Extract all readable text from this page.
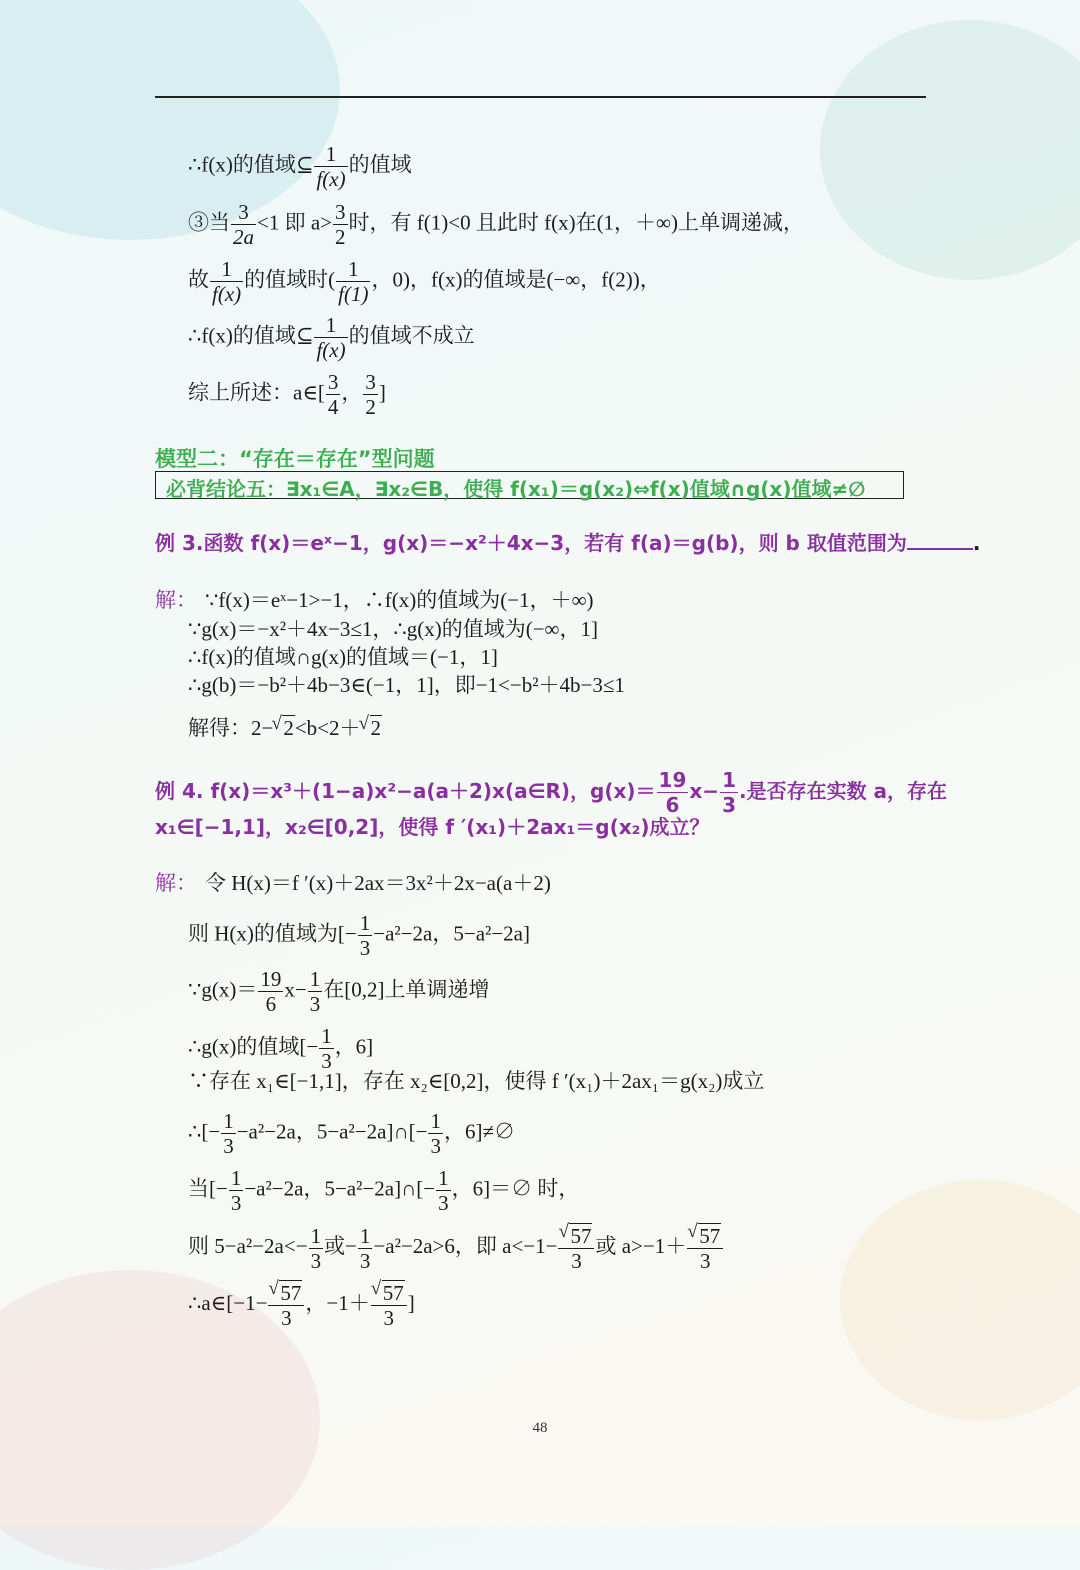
∴f(x)的值域⊆ $\frac{1}{f(x)}$ 的值域
③当 $\frac{3}{2a} <1$ 即 $a> \frac{3}{2}$ 时，有 f(1)<0 且此时 f(x)在(1，＋∞)上单调递减，
故 $\frac{1}{f(x)}$ 的值域时( $\frac{1}{f(1)}$ ，0)，f(x)的值域是(−∞，f(2))，
∴f(x)的值域⊆ $\frac{1}{f(x)}$ 的值域不成立
综上所述：a∈[ $\frac{3}{4}$ ， $\frac{3}{2}$ ]
模型二：“存在＝存在”型问题
必背结论五：∃x₁∈A，∃x₂∈B，使得 f(x₁)＝g(x₂)⇔f(x)值域∩g(x)值域≠∅
例 3.函数 f(x)＝eˣ−1，g(x)＝−x²＋4x−3，若有 f(a)＝g(b)，则 b 取值范围为	.
解： ∵f(x)＝eˣ−1>−1，∴f(x)的值域为(−1，＋∞)
∵g(x)＝−x²＋4x−3≤1，∴g(x)的值域为(−∞，1]
∴f(x)的值域∩g(x)的值域＝(−1，1]
∴g(b)＝−b²＋4b−3∈(−1，1]，即−1<−b²＋4b−3≤1
解得：2− √ 2<b<2＋ √ 2
例 4. f(x)＝x³＋(1−a)x²−a(a＋2)x(a∈R)，$g(x)= \frac{19}{6} x- \frac{1}{3}$ .是否存在实数 a，存在
x₁∈[−1,1]，x₂∈[0,2]，使得 f ′(x₁)＋2ax₁＝g(x₂)成立？
解： 令 H(x)＝f ′(x)＋2ax＝3x²＋2x−a(a＋2)
则 H(x)的值域为[− $\frac{1}{3} -a^2-2a$，5−a²−2a]
∵g(x)＝ $\frac{19}{6} x- \frac{1}{3}$ 在[0,2]上单调递增
∴g(x)的值域[− $\frac{1}{3}$ ，6]
∵存在 x₁∈[−1,1]，存在 x₂∈[0,2]，使得 f ′(x₁)＋2ax₁＝g(x₂)成立
∴[− $\frac{1}{3} -a^2-2a$，5−a²−2a]∩[− $\frac{1}{3}$ ，6]≠∅
当[− $\frac{1}{3} -a^2-2a$，5−a²−2a]∩[− $\frac{1}{3}$ ，6]＝∅ 时，
则 $5-a^2-2a<- \frac{1}{3}$ 或− $\frac{1}{3} -a^2-2a>6$，即 a<−1− √ $\frac{57}{3}$ 或 a>−1＋ √ $\frac{57}{3}$
∴a∈[−1− √ $\frac{57}{3}$ ，−1＋ √ $\frac{57}{3}$ ]
48
